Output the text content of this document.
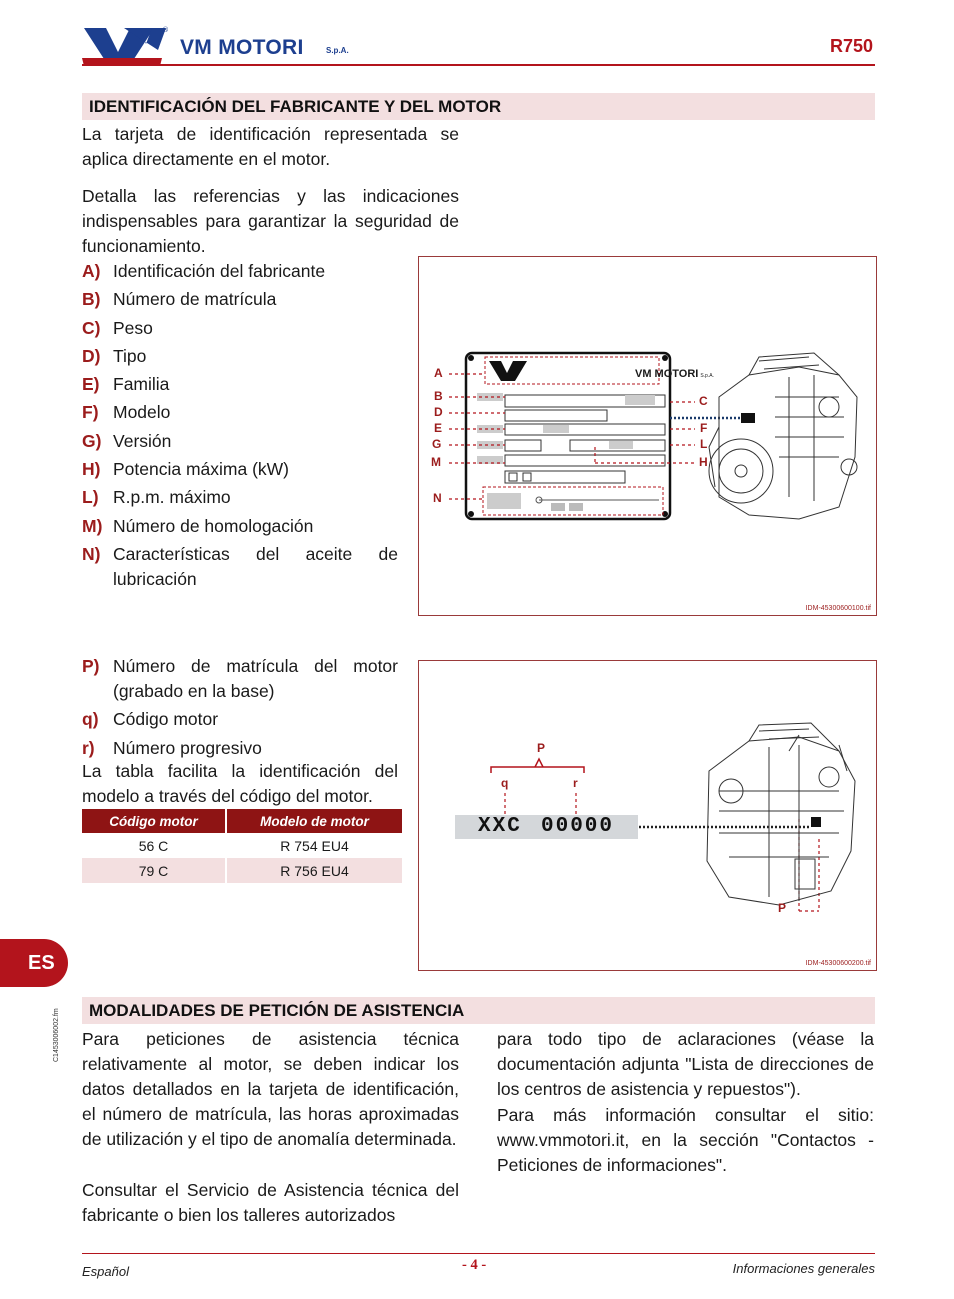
®
VM MOTORI	S.p.A.	R750
IDENTIFICACIÓN DEL FABRICANTE Y DEL MOTOR
La tarjeta de identificación representada se aplica directamente en el motor.
Detalla las referencias y las indicaciones indispensables para garantizar la seguridad de funcionamiento.
A) Identificación del fabricante
B) Número de matrícula
C) Peso
D) Tipo
E) Familia
F) Modelo
G) Versión
H) Potencia máxima (kW)
L) R.p.m. máximo
M) Número de homologación
N) Características del aceite de lubricación
VM MOTORI S.p.A.
A
B
D
E
G
M
N
C
F
L
H
IDM-45300600100.tif
P) Número de matrícula del motor (grabado en la base)
q) Código motor
r) Número progresivo
La tabla facilita la identificación del modelo a través del código del motor.
Código motor	Modelo de motor
56 C	R 754 EU4
79 C	R 756 EU4
XXC 00000
P
q	r
P
IDM-45300600200.tif
ES
C1453006002.fm	MODALIDADES DE PETICIÓN DE ASISTENCIA
Para peticiones de asistencia técnica relativamente al motor, se deben indicar los datos detallados en la tarjeta de identificación, el número de matrícula, las horas aproximadas de utilización y el tipo de anomalía determinada.
Consultar el Servicio de Asistencia técnica del fabricante o bien los talleres autorizados
para todo tipo de aclaraciones (véase la documentación adjunta "Lista de direcciones de los centros de asistencia y repuestos").
Para más información consultar el sitio: www.vmmotori.it, en la sección "Contactos - Peticiones de informaciones".
Español	- 4 -	Informaciones generales
